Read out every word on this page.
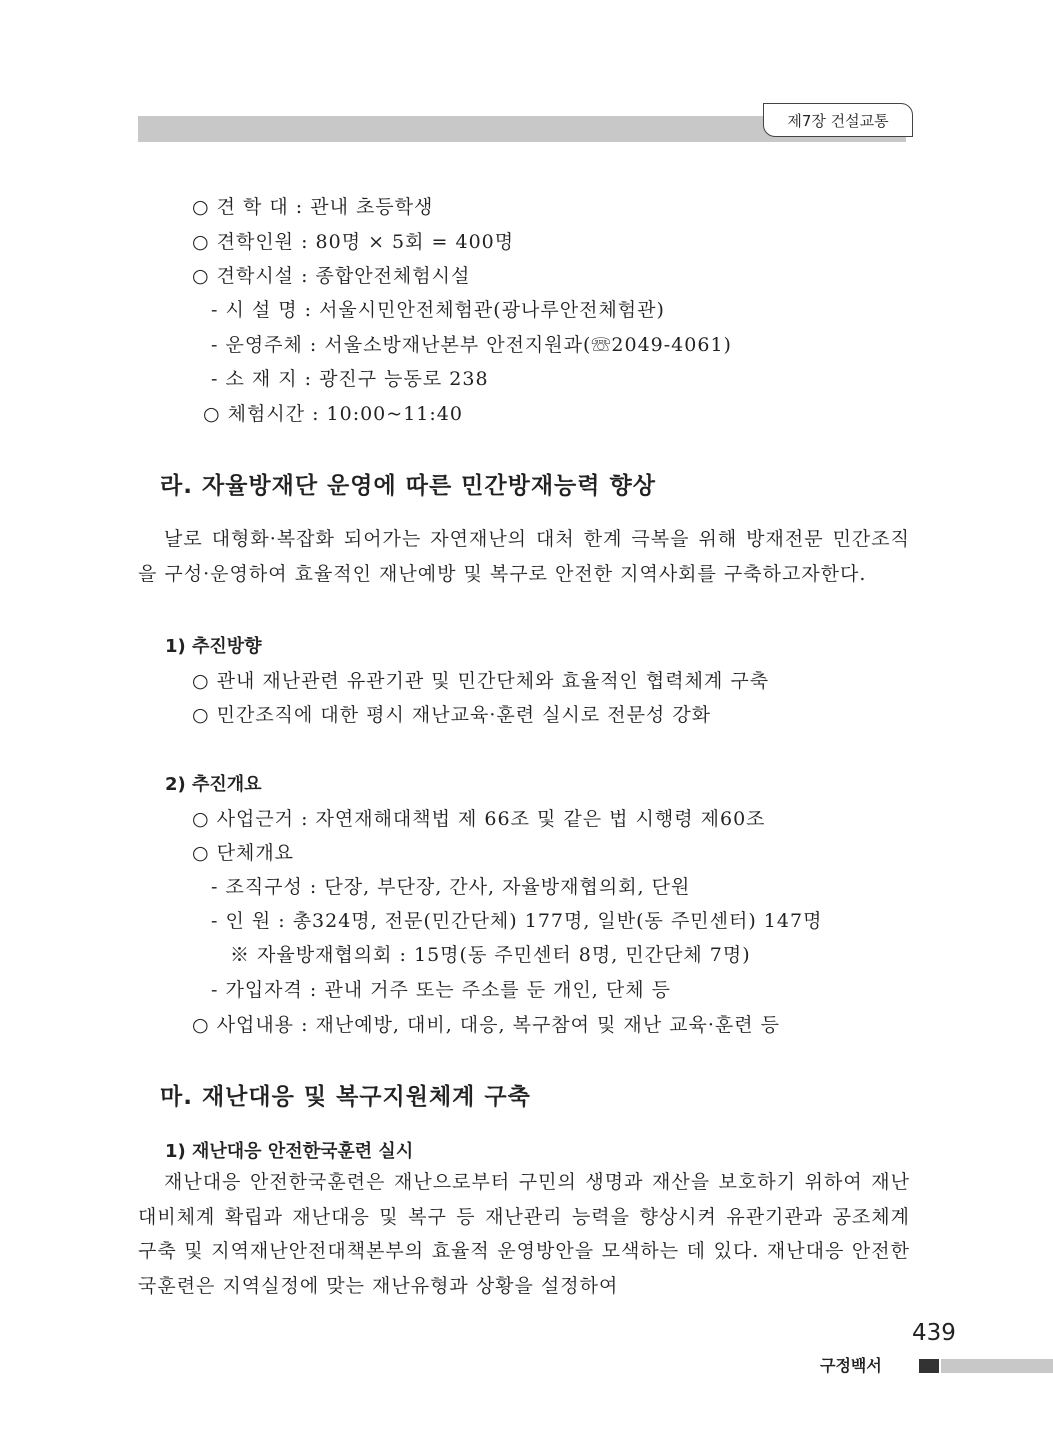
제7장 건설교통
○ 견 학 대 : 관내 초등학생
○ 견학인원 : 80명 × 5회 = 400명
○ 견학시설 : 종합안전체험시설
- 시 설 명 : 서울시민안전체험관(광나루안전체험관)
- 운영주체 : 서울소방재난본부 안전지원과(☏2049-4061)
- 소 재 지 : 광진구 능동로 238
○ 체험시간 : 10:00~11:40
라. 자율방재단 운영에 따른 민간방재능력 향상
날로 대형화·복잡화 되어가는 자연재난의 대처 한계 극복을 위해 방재전문 민간조직을 구성·운영하여 효율적인 재난예방 및 복구로 안전한 지역사회를 구축하고자한다.
1) 추진방향
○ 관내 재난관련 유관기관 및 민간단체와 효율적인 협력체계 구축
○ 민간조직에 대한 평시 재난교육·훈련 실시로 전문성 강화
2) 추진개요
○ 사업근거 : 자연재해대책법 제 66조 및 같은 법 시행령 제60조
○ 단체개요
- 조직구성 : 단장, 부단장, 간사, 자율방재협의회, 단원
- 인 원 : 총324명, 전문(민간단체) 177명, 일반(동 주민센터) 147명
※ 자율방재협의회 : 15명(동 주민센터 8명, 민간단체 7명)
- 가입자격 : 관내 거주 또는 주소를 둔 개인, 단체 등
○ 사업내용 : 재난예방, 대비, 대응, 복구참여 및 재난 교육·훈련 등
마. 재난대응 및 복구지원체계 구축
1) 재난대응 안전한국훈련 실시
재난대응 안전한국훈련은 재난으로부터 구민의 생명과 재산을 보호하기 위하여 재난대비체계 확립과 재난대응 및 복구 등 재난관리 능력을 향상시켜 유관기관과 공조체계 구축 및 지역재난안전대책본부의 효율적 운영방안을 모색하는 데 있다. 재난대응 안전한국훈련은 지역실정에 맞는 재난유형과 상황을 설정하여
439
구정백서
